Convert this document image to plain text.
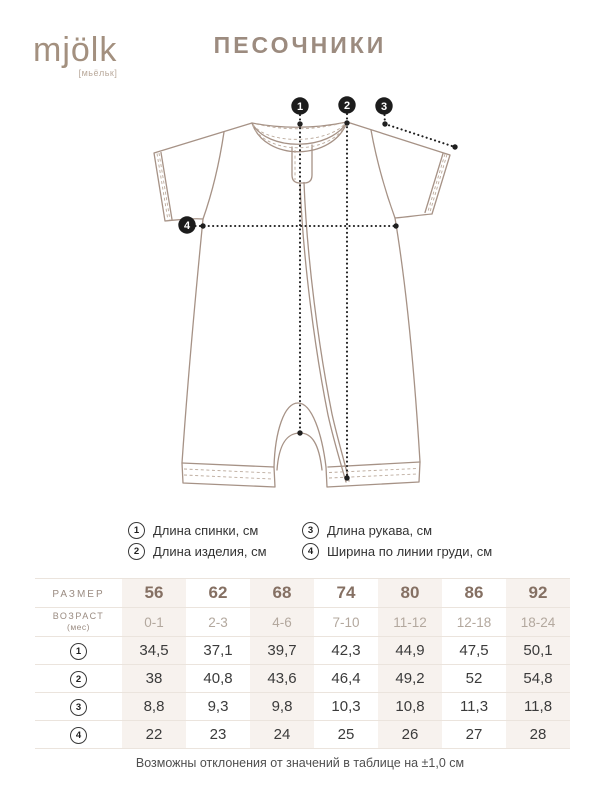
mjölk
[мьёльк]
ПЕСОЧНИКИ
1	2	3
4
1	Длина спинки, см
2	Длина изделия, см
3	Длина рукава, см
4	Ширина по линии груди, см
РАЗМЕР	56	62	68	74	80	86	92

ВОЗРАСТ
(мес)	0-1	2-3	4-6	7-10	11-12	12-18	18-24
1	34,5	37,1	39,7	42,3	44,9	47,5	50,1
2	38	40,8	43,6	46,4	49,2	52	54,8
3	8,8	9,3	9,8	10,3	10,8	11,3	11,8
4	22	23	24	25	26	27	28
Возможны отклонения от значений в таблице на ±1,0 см
